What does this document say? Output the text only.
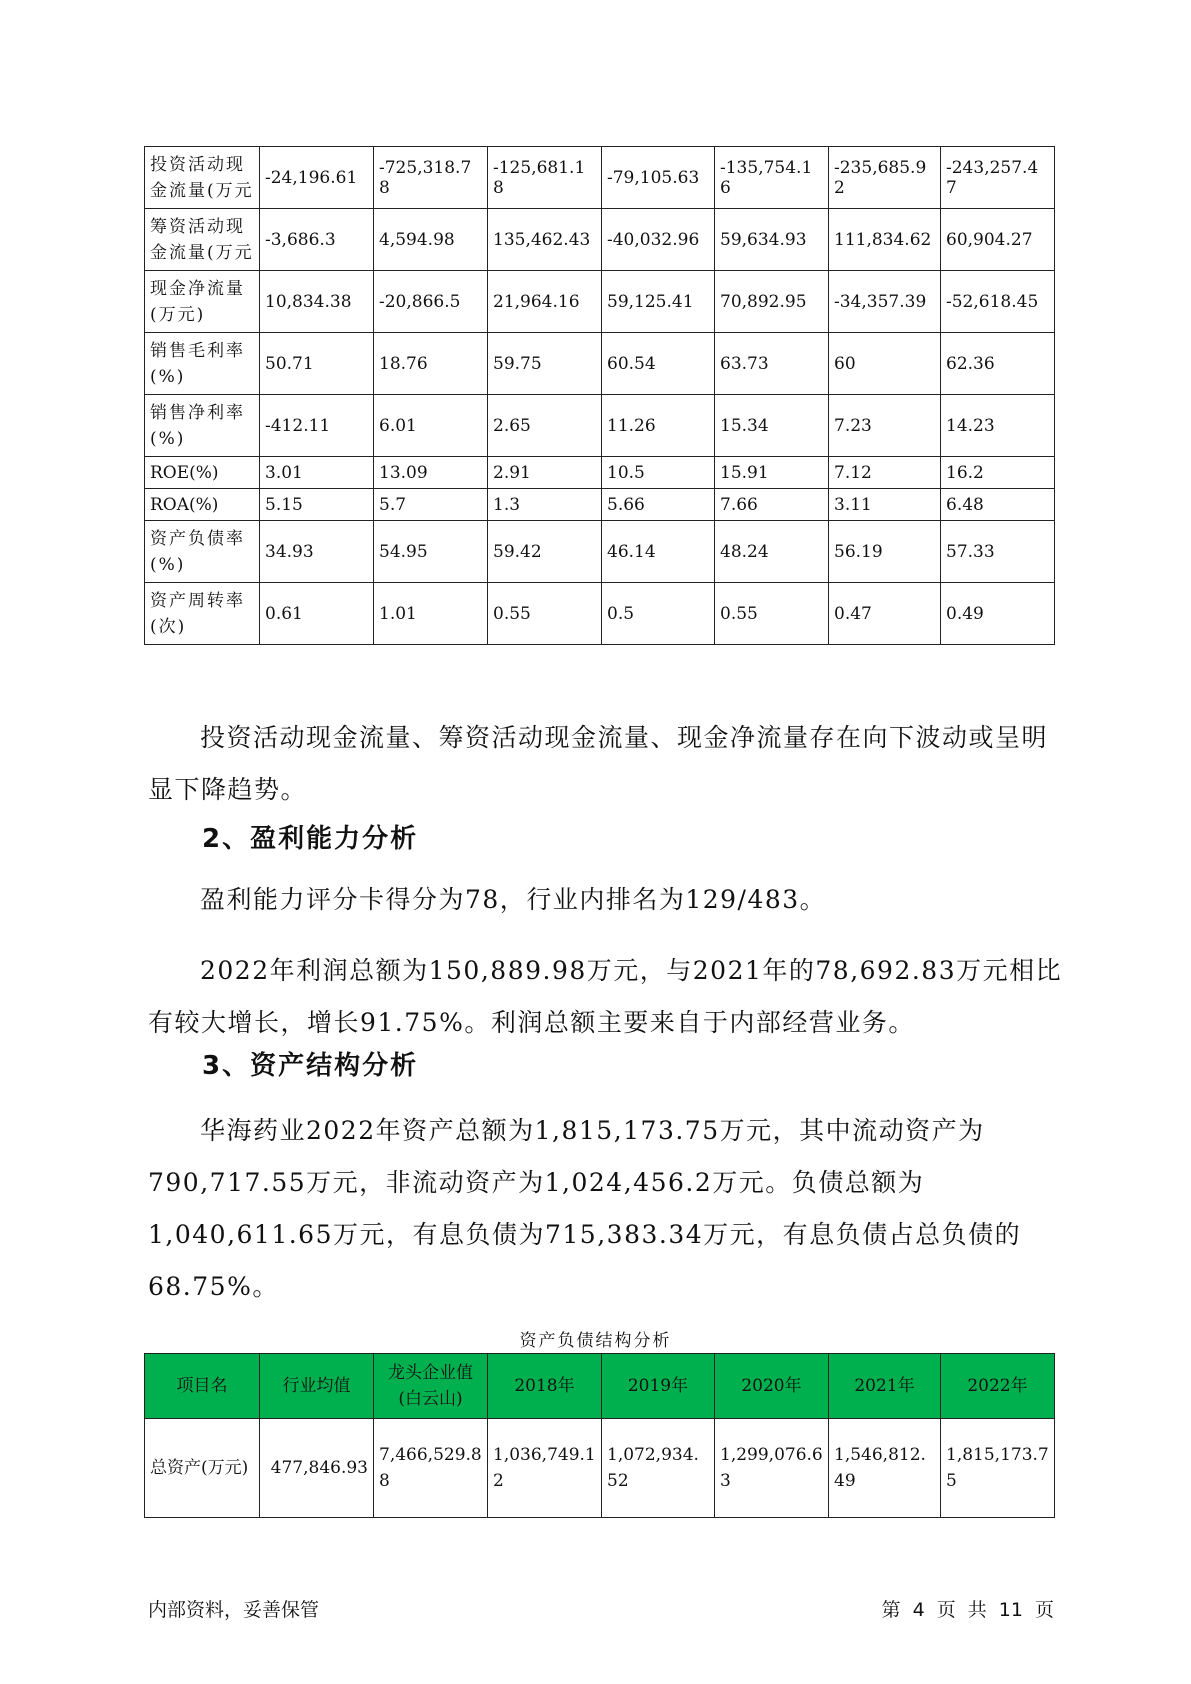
投资活动现金流量(万元	-24,196.61	-725,318.78	-125,681.18	-79,105.63	-135,754.16	-235,685.92	-243,257.47
筹资活动现金流量(万元	-3,686.3	4,594.98	135,462.43	-40,032.96	59,634.93	111,834.62	60,904.27
现金净流量(万元)	10,834.38	-20,866.5	21,964.16	59,125.41	70,892.95	-34,357.39	-52,618.45
销售毛利率(%)	50.71	18.76	59.75	60.54	63.73	60	62.36
销售净利率(%)	-412.11	6.01	2.65	11.26	15.34	7.23	14.23
ROE(%)	3.01	13.09	2.91	10.5	15.91	7.12	16.2
ROA(%)	5.15	5.7	1.3	5.66	7.66	3.11	6.48
资产负债率(%)	34.93	54.95	59.42	46.14	48.24	56.19	57.33
资产周转率(次)	0.61	1.01	0.55	0.5	0.55	0.47	0.49

投资活动现金流量、筹资活动现金流量、现金净流量存在向下波动或呈明显下降趋势。

2、盈利能力分析

盈利能力评分卡得分为78，行业内排名为129/483。

2022年利润总额为150,889.98万元，与2021年的78,692.83万元相比有较大增长，增长91.75%。利润总额主要来自于内部经营业务。

3、资产结构分析

华海药业2022年资产总额为1,815,173.75万元，其中流动资产为790,717.55万元，非流动资产为1,024,456.2万元。负债总额为1,040,611.65万元，有息负债为715,383.34万元，有息负债占总负债的68.75%。

资产负债结构分析
项目名	行业均值	龙头企业值(白云山)	2018年	2019年	2020年	2021年	2022年
总资产(万元)	477,846.93	7,466,529.88	1,036,749.12	1,072,934.52	1,299,076.63	1,546,812.49	1,815,173.75
内部资料，妥善保管	第 4 页 共 11 页
